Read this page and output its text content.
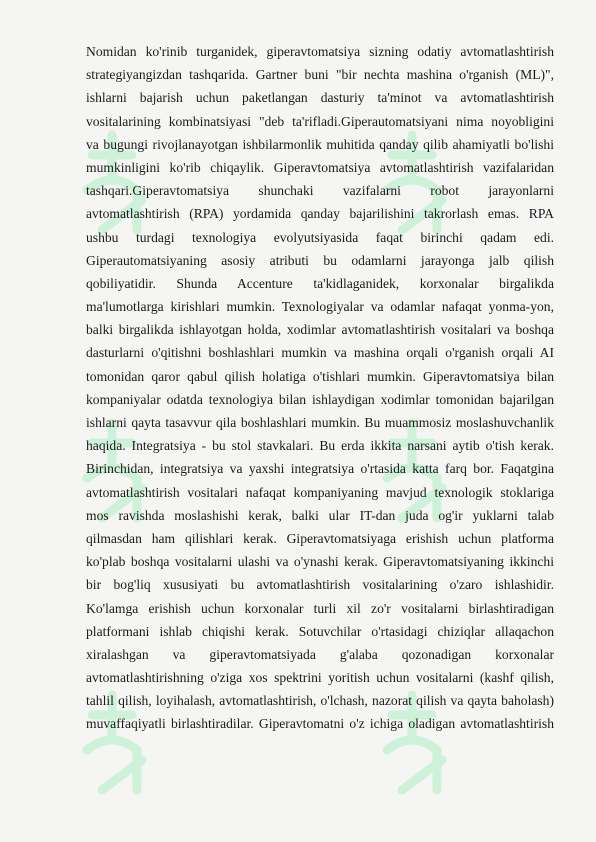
Nomidan ko'rinib turganidek, giperavtomatsiya sizning odatiy avtomatlashtirish
strategiyangizdan tashqarida. Gartner buni "bir nechta mashina o'rganish (ML)",
ishlarni bajarish uchun paketlangan dasturiy ta'minot va avtomatlashtirish
vositalarining kombinatsiyasi "deb ta'rifladi.Giperautomatsiyani nima noyobligini
va bugungi rivojlanayotgan ishbilarmonlik muhitida qanday qilib ahamiyatli bo'lishi
mumkinligini ko'rib chiqaylik. Giperavtomatsiya avtomatlashtirish vazifalaridan
tashqari.Giperavtomatsiya shunchaki vazifalarni robot jarayonlarni
avtomatlashtirish (RPA) yordamida qanday bajarilishini takrorlash emas. RPA
ushbu turdagi texnologiya evolyutsiyasida faqat birinchi qadam edi.
Giperautomatsiyaning asosiy atributi bu odamlarni jarayonga jalb qilish
qobiliyatidir. Shunda Accenture ta'kidlaganidek, korxonalar birgalikda
ma'lumotlarga kirishlari mumkin. Texnologiyalar va odamlar nafaqat yonma-yon,
balki birgalikda ishlayotgan holda, xodimlar avtomatlashtirish vositalari va boshqa
dasturlarni o'qitishni boshlashlari mumkin va mashina orqali o'rganish orqali AI
tomonidan qaror qabul qilish holatiga o'tishlari mumkin. Giperavtomatsiya bilan
kompaniyalar odatda texnologiya bilan ishlaydigan xodimlar tomonidan bajarilgan
ishlarni qayta tasavvur qila boshlashlari mumkin. Bu muammosiz moslashuvchanlik
haqida. Integratsiya - bu stol stavkalari. Bu erda ikkita narsani aytib o'tish kerak.
Birinchidan, integratsiya va yaxshi integratsiya o'rtasida katta farq bor. Faqatgina
avtomatlashtirish vositalari nafaqat kompaniyaning mavjud texnologik stoklariga
mos ravishda moslashishi kerak, balki ular IT-dan juda og'ir yuklarni talab
qilmasdan ham qilishlari kerak. Giperavtomatsiyaga erishish uchun platforma
ko'plab boshqa vositalarni ulashi va o'ynashi kerak. Giperavtomatsiyaning ikkinchi
bir bog'liq xususiyati bu avtomatlashtirish vositalarining o'zaro ishlashidir.
Ko'lamga erishish uchun korxonalar turli xil zo'r vositalarni birlashtiradigan
platformani ishlab chiqishi kerak. Sotuvchilar o'rtasidagi chiziqlar allaqachon
xiralashgan va giperavtomatsiyada g'alaba qozonadigan korxonalar
avtomatlashtirishning o'ziga xos spektrini yoritish uchun vositalarni (kashf qilish,
tahlil qilish, loyihalash, avtomatlashtirish, o'lchash, nazorat qilish va qayta baholash)
muvaffaqiyatli birlashtiradilar. Giperavtomatni o'z ichiga oladigan avtomatlashtirish
